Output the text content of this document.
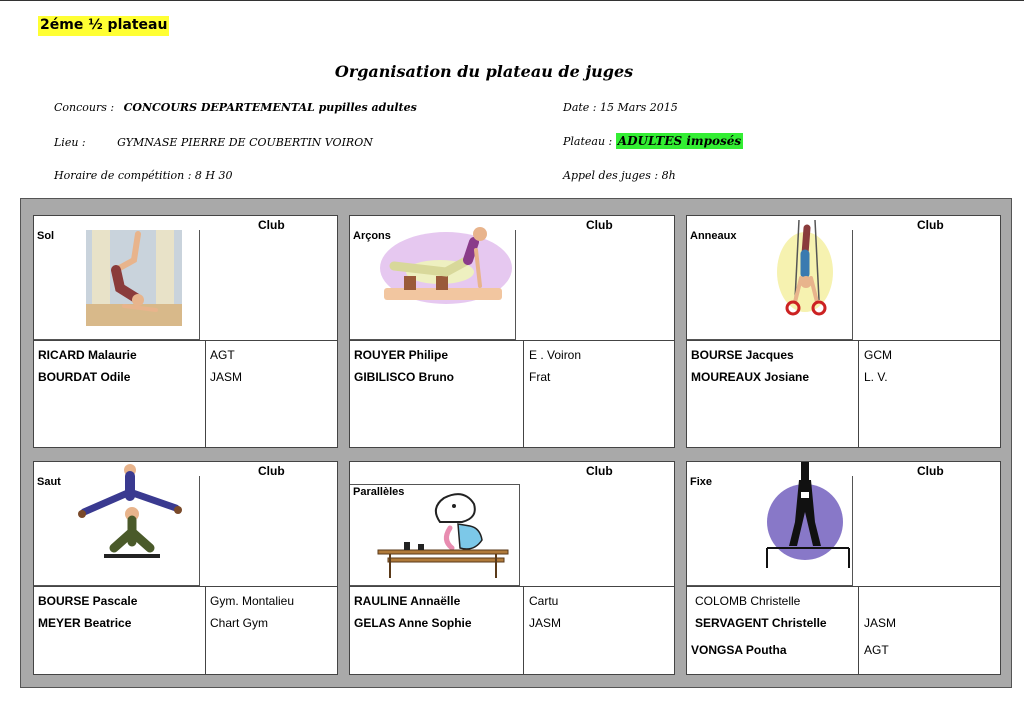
2éme ½ plateau
Organisation du plateau de juges
Concours : CONCOURS DEPARTEMENTAL pupilles adultes	Date : 15 Mars 2015
Lieu :	GYMNASE PIERRE DE COUBERTIN VOIRON	Plateau : ADULTES imposés
Horaire de compétition : 8 H 30	Appel des juges : 8h
Sol
Club
RICARD Malaurie	AGT
BOURDAT Odile	JASM
Arçons
Club
ROUYER Philipe	E . Voiron
GIBILISCO Bruno	Frat
Anneaux
Club
BOURSE Jacques	GCM
MOUREAUX Josiane	L. V.
Saut
Club
BOURSE Pascale	Gym. Montalieu
MEYER Beatrice	Chart Gym
Parallèles
Club
RAULINE Annaëlle	Cartu
GELAS Anne Sophie	JASM
Fixe
Club
COLOMB Christelle
SERVAGENT Christelle	JASM
VONGSA Poutha	AGT
